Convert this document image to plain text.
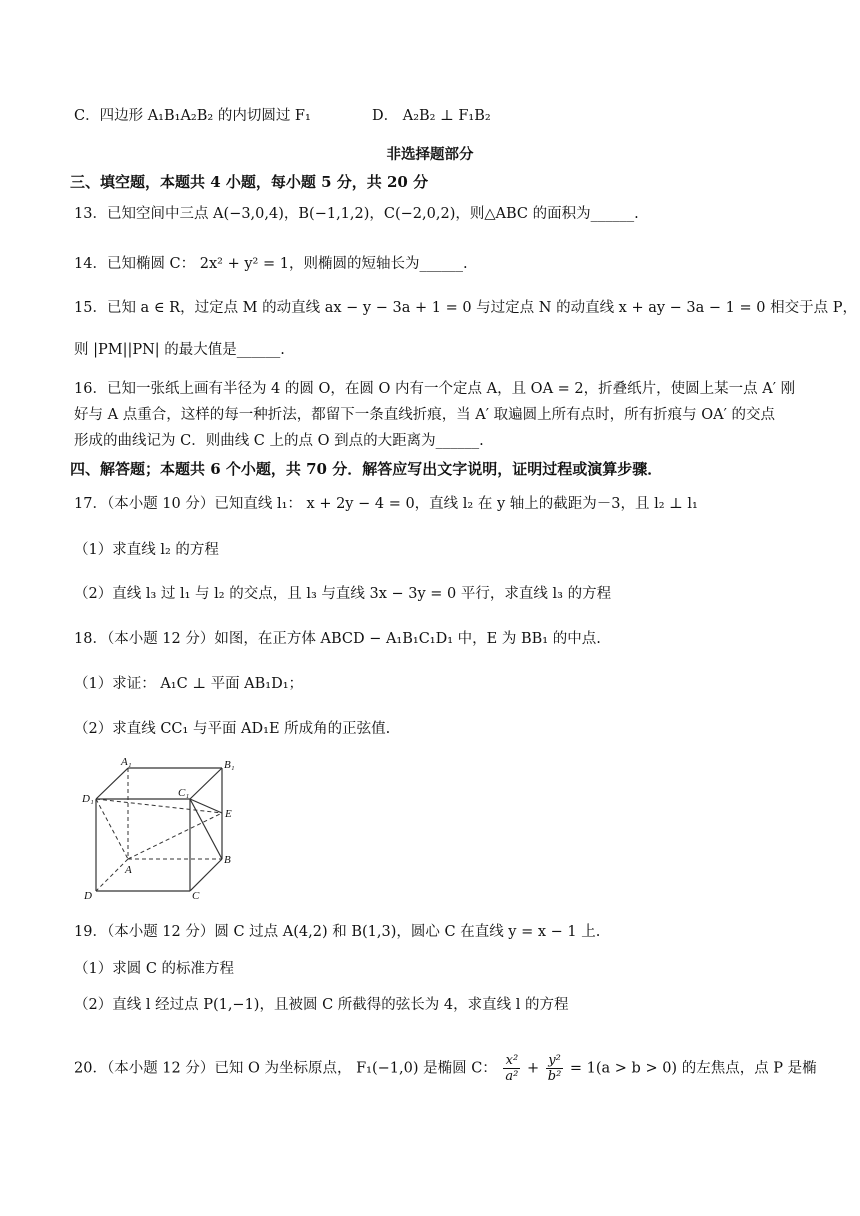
C．四边形 A₁B₁A₂B₂ 的内切圆过 F₁	D． A₂B₂ ⊥ F₁B₂
非选择题部分
三、填空题，本题共 4 小题，每小题 5 分，共 20 分
13．已知空间中三点 A(−3,0,4)，B(−1,1,2)，C(−2,0,2)，则△ABC 的面积为______.
14．已知椭圆 C： 2x² + y² = 1，则椭圆的短轴长为______.
15．已知 a ∈ R，过定点 M 的动直线 ax − y − 3a + 1 = 0 与过定点 N 的动直线 x + ay − 3a − 1 = 0 相交于点 P，
则 |PM||PN| 的最大值是______.
16．已知一张纸上画有半径为 4 的圆 O，在圆 O 内有一个定点 A，且 OA = 2，折叠纸片，使圆上某一点 A′ 刚
好与 A 点重合，这样的每一种折法，都留下一条直线折痕，当 A′ 取遍圆上所有点时，所有折痕与 OA′ 的交点
形成的曲线记为 C．则曲线 C 上的点 O 到点的大距离为______.
四、解答题；本题共 6 个小题，共 70 分．解答应写出文字说明，证明过程或演算步骤．
17．（本小题 10 分）已知直线 l₁： x + 2y − 4 = 0，直线 l₂ 在 y 轴上的截距为－3，且 l₂ ⊥ l₁
（1）求直线 l₂ 的方程
（2）直线 l₃ 过 l₁ 与 l₂ 的交点，且 l₃ 与直线 3x − 3y = 0 平行，求直线 l₃ 的方程
18．（本小题 12 分）如图，在正方体 ABCD − A₁B₁C₁D₁ 中，E 为 BB₁ 的中点.
（1）求证： A₁C ⊥ 平面 AB₁D₁；
（2）求直线 CC₁ 与平面 AD₁E 所成角的正弦值.
A₁	B₁
C₁
D₁
E
A
B
C
D
19．（本小题 12 分）圆 C 过点 A(4,2) 和 B(1,3)，圆心 C 在直线 y = x − 1 上.
（1）求圆 C 的标准方程
（2）直线 l 经过点 P(1,−1)，且被圆 C 所截得的弦长为 4，求直线 l 的方程
20．（本小题 12 分）已知 O 为坐标原点， F₁(−1,0) 是椭圆 C： $\frac{\text{x²}}{\text{a²}} + \frac{\text{y²}}{\text{b²}} = 1(a > b > 0)$ 的左焦点，点 P 是椭
